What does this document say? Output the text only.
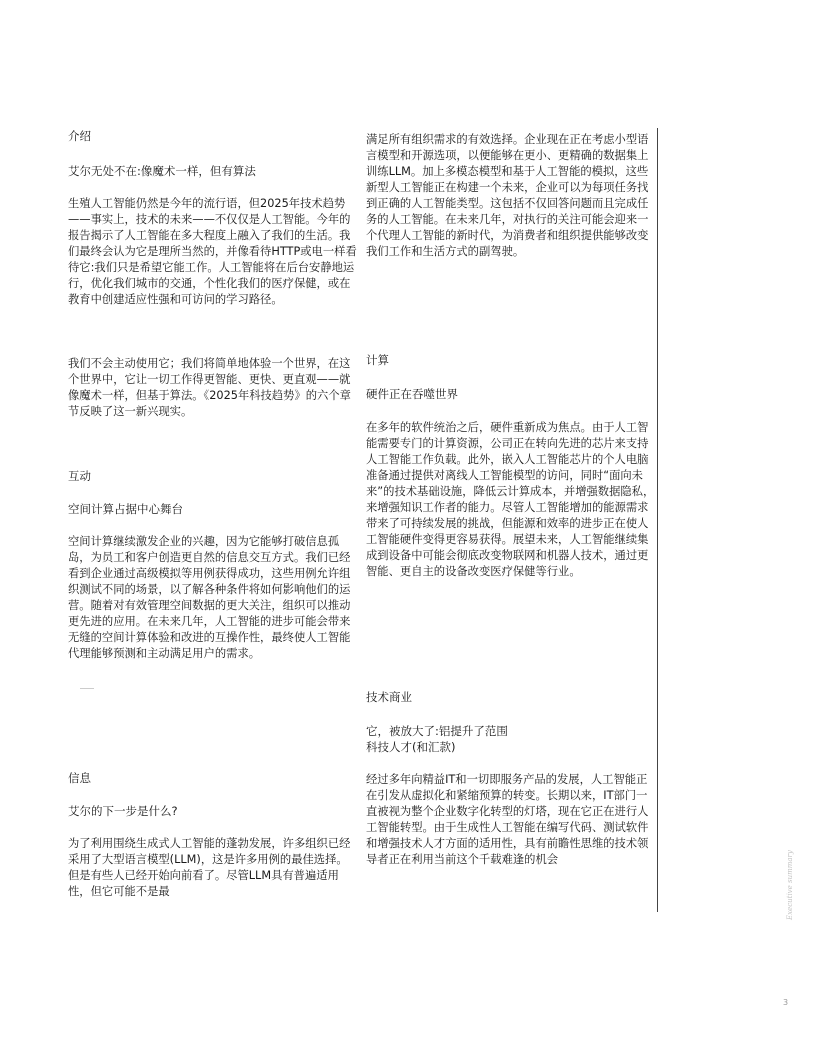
介绍

艾尔无处不在:像魔术一样，但有算法

生殖人工智能仍然是今年的流行语，但2025年技术趋势——事实上，技术的未来——不仅仅是人工智能。今年的报告揭示了人工智能在多大程度上融入了我们的生活。我们最终会认为它是理所当然的，并像看待HTTP或电一样看待它:我们只是希望它能工作。人工智能将在后台安静地运行，优化我们城市的交通，个性化我们的医疗保健，或在教育中创建适应性强和可访问的学习路径。

我们不会主动使用它；我们将简单地体验一个世界，在这个世界中，它让一切工作得更智能、更快、更直观——就像魔术一样，但基于算法。《2025年科技趋势》的六个章节反映了这一新兴现实。

互动

空间计算占据中心舞台

空间计算继续激发企业的兴趣，因为它能够打破信息孤岛，为员工和客户创造更自然的信息交互方式。我们已经看到企业通过高级模拟等用例获得成功，这些用例允许组织测试不同的场景，以了解各种条件将如何影响他们的运营。随着对有效管理空间数据的更大关注，组织可以推动更先进的应用。在未来几年，人工智能的进步可能会带来无缝的空间计算体验和改进的互操作性，最终使人工智能代理能够预测和主动满足用户的需求。

信息

艾尔的下一步是什么?

为了利用围绕生成式人工智能的蓬勃发展，许多组织已经采用了大型语言模型(LLM)，这是许多用例的最佳选择。但是有些人已经开始向前看了。尽管LLM具有普遍适用性，但它可能不是最

满足所有组织需求的有效选择。企业现在正在考虑小型语言模型和开源选项，以便能够在更小、更精确的数据集上训练LLM。加上多模态模型和基于人工智能的模拟，这些新型人工智能正在构建一个未来，企业可以为每项任务找到正确的人工智能类型。这包括不仅回答问题而且完成任务的人工智能。在未来几年，对执行的关注可能会迎来一个代理人工智能的新时代，为消费者和组织提供能够改变我们工作和生活方式的副驾驶。

计算

硬件正在吞噬世界

在多年的软件统治之后，硬件重新成为焦点。由于人工智能需要专门的计算资源，公司正在转向先进的芯片来支持人工智能工作负载。此外，嵌入人工智能芯片的个人电脑准备通过提供对离线人工智能模型的访问，同时“面向未来”的技术基础设施，降低云计算成本，并增强数据隐私，来增强知识工作者的能力。尽管人工智能增加的能源需求带来了可持续发展的挑战，但能源和效率的进步正在使人工智能硬件变得更容易获得。展望未来，人工智能继续集成到设备中可能会彻底改变物联网和机器人技术，通过更智能、更自主的设备改变医疗保健等行业。

技术商业

它，被放大了:铝提升了范围

科技人才(和汇款)

经过多年向精益IT和一切即服务产品的发展，人工智能正在引发从虚拟化和紧缩预算的转变。长期以来，IT部门一直被视为整个企业数字化转型的灯塔，现在它正在进行人工智能转型。由于生成性人工智能在编写代码、测试软件和增强技术人才方面的适用性，具有前瞻性思维的技术领导者正在利用当前这个千载难逢的机会	Executive summary
3
